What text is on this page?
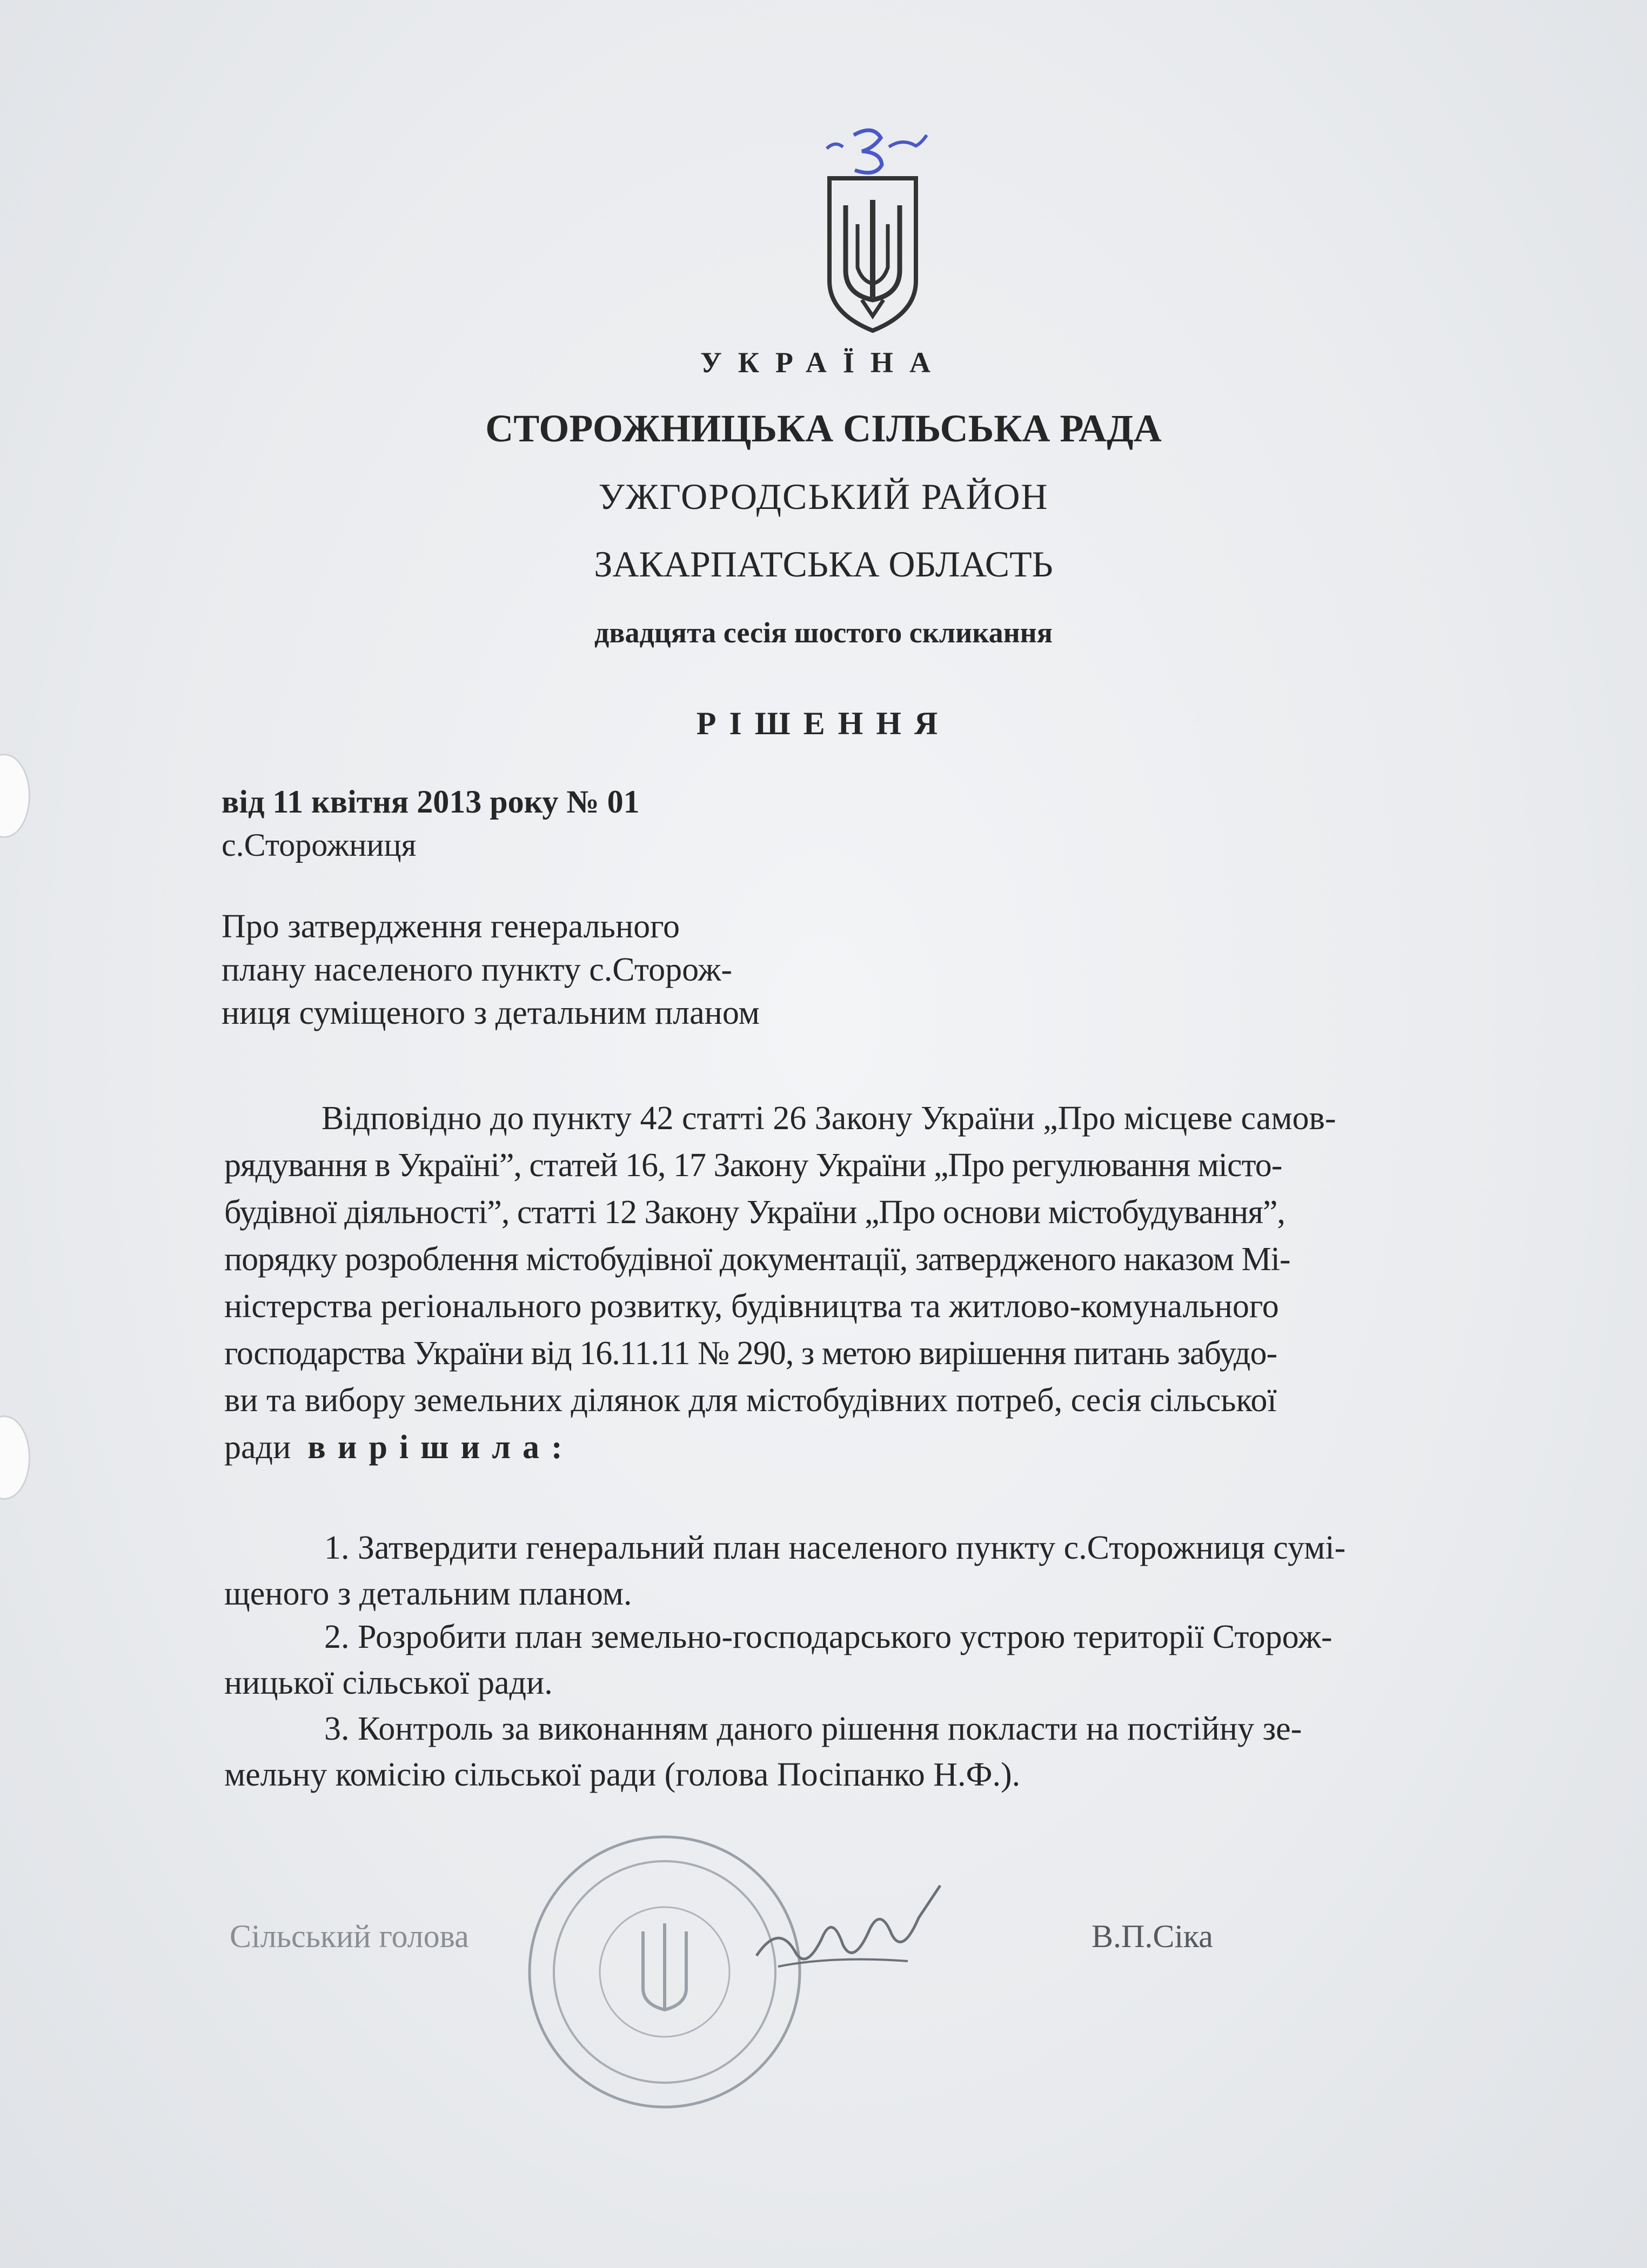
УКРАЇНА
СТОРОЖНИЦЬКА СІЛЬСЬКА РАДА
УЖГОРОДСЬКИЙ РАЙОН
ЗАКАРПАТСЬКА ОБЛАСТЬ
двадцята сесія шостого скликання
РІШЕННЯ
від 11 квітня 2013 року № 01
с.Сторожниця
Про затвердження генерального
плану населеного пункту с.Сторож-
ниця суміщеного з детальним планом
Відповідно до пункту 42 статті 26 Закону України „Про місцеве самов-
рядування в Україні”, статей 16, 17 Закону України „Про регулювання місто-
будівної діяльності”, статті 12 Закону України „Про основи містобудування”,
порядку розроблення містобудівної документації, затвердженого наказом Мі-
ністерства регіонального розвитку, будівництва та житлово-комунального
господарства України від 16.11.11 № 290, з метою вирішення питань забудо-
ви та вибору земельних ділянок для містобудівних потреб, сесія сільської
ради вирішила:
1. Затвердити генеральний план населеного пункту с.Сторожниця сумі-
щеного з детальним планом.
2. Розробити план земельно-господарського устрою території Сторож-
ницької сільської ради.
3. Контроль за виконанням даного рішення покласти на постійну зе-
мельну комісію сільської ради (голова Посіпанко Н.Ф.).
Сільський голова	В.П.Сіка
